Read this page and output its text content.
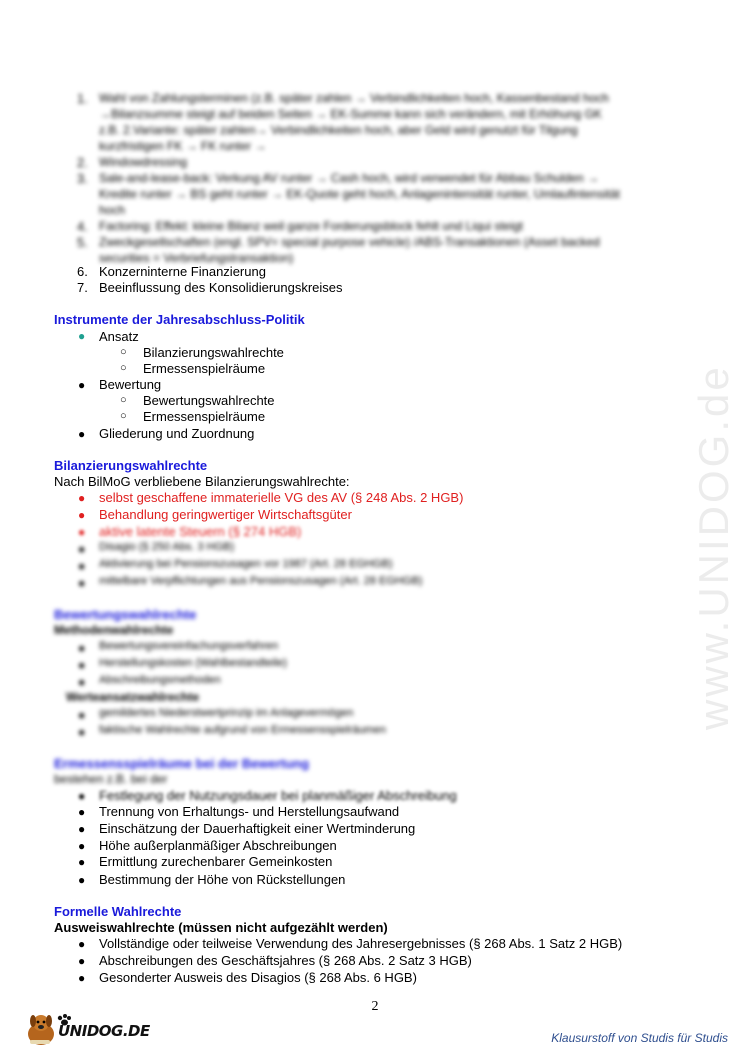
www.UNIDOG.de
1. Wahl von Zahlungsterminen (z.B. später zahlen → Verbindlichkeiten hoch, Kassenbestand hoch
→Bilanzsumme steigt auf beiden Seiten → EK-Summe kann sich verändern, mit Erhöhung GK
z.B. 2.Variante: später zahlen→ Verbindlichkeiten hoch, aber Geld wird genutzt für Tilgung
kurzfristigen FK → FK runter →
2. Windowdressing
3. Sale-and-lease-back: Verkung AV runter → Cash hoch, wird verwendet für Abbau Schulden →
Kredite runter → BS geht runter → EK-Quote geht hoch, Anlagenintensität runter, Umlaufintensität
hoch
4. Factoring: Effekt: kleine Bilanz weil ganze Forderungsblock fehlt und Liqui steigt
5. Zweckgesellschaften (engl. SPV= special purpose vehicle) /ABS-Transaktionen (Asset backed
securities = Verbriefungstransaktion)
6. Konzerninterne Finanzierung
7. Beeinflussung des Konsolidierungskreises
Instrumente der Jahresabschluss-Politik
● Ansatz
○ Bilanzierungswahlrechte
○ Ermessenspielräume
● Bewertung
○ Bewertungswahlrechte
○ Ermessenspielräume
● Gliederung und Zuordnung
Bilanzierungswahlrechte
Nach BilMoG verbliebene Bilanzierungswahlrechte:
● selbst geschaffene immaterielle VG des AV (§ 248 Abs. 2 HGB)
● Behandlung geringwertiger Wirtschaftsgüter
● aktive latente Steuern (§ 274 HGB)
● Disagio (§ 250 Abs. 3 HGB)
● Aktivierung bei Pensionszusagen vor 1987 (Art. 28 EGHGB)
● mittelbare Verpflichtungen aus Pensionszusagen (Art. 28 EGHGB)
Bewertungswahlrechte
Methodenwahlrechte
● Bewertungsvereinfachungsverfahren
● Herstellungskosten (Wahlbestandteile)
● Abschreibungsmethoden
Werteansatzwahlrechte
● gemildertes Niederstwertprinzip im Anlagevermögen
● faktische Wahlrechte aufgrund von Ermessensspielräumen
Ermessensspielräume bei der Bewertung
bestehen z.B. bei der
● Festlegung der Nutzungsdauer bei planmäßiger Abschreibung
● Trennung von Erhaltungs- und Herstellungsaufwand
● Einschätzung der Dauerhaftigkeit einer Wertminderung
● Höhe außerplanmäßiger Abschreibungen
● Ermittlung zurechenbarer Gemeinkosten
● Bestimmung der Höhe von Rückstellungen
Formelle Wahlrechte
Ausweiswahlrechte (müssen nicht aufgezählt werden)
● Vollständige oder teilweise Verwendung des Jahresergebnisses (§ 268 Abs. 1 Satz 2 HGB)
● Abschreibungen des Geschäftsjahres (§ 268 Abs. 2 Satz 3 HGB)
● Gesonderter Ausweis des Disagios (§ 268 Abs. 6 HGB)
2
UNIDOG.DE	Klausurstoff von Studis für Studis
